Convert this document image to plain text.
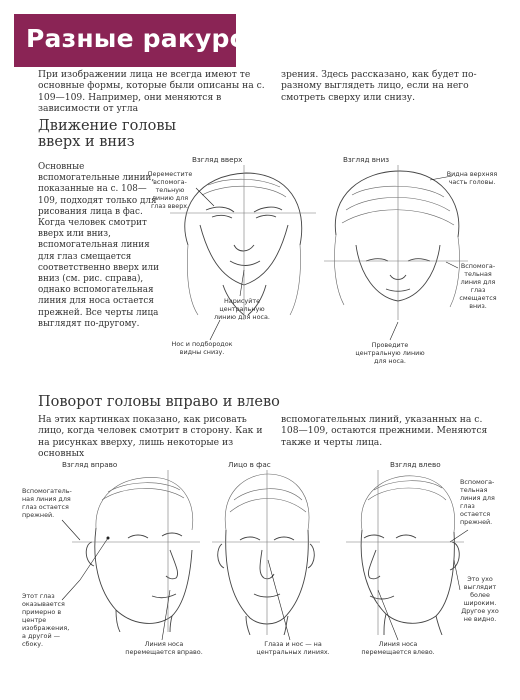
Разные ракурсы

При изображении лица не всегда имеют те основные формы, которые были описаны на с. 109—109. Например, они меняются в зависимости от угла

зрения. Здесь рассказано, как будет по-разному выглядеть лицо, если на него смотреть сверху или снизу.

Движение головы вверх и вниз

Основные вспомогательные линии, показанные на с. 108—109, подходят только для рисования лица в фас. Когда человек смотрит вверх или вниз, вспомогательная линия для глаз смещается соответственно вверх или вниз (см. рис. справа), однако вспомогательная линия для носа остается прежней. Все черты лица выглядят по-другому.

Взгляд вверх	Взгляд вниз

Переместите вспомога-тельную линию для глаз вверх.

Нарисуйте центральную линию для носа.

Нос и подбородок видны снизу.

Видна верхняя часть головы.

Вспомога-тельная линия для глаз смещается вниз.

Проведите центральную линию для носа.

Поворот головы вправо и влево

На этих картинках показано, как рисовать лицо, когда человек смотрит в сторону. Как и на рисунках вверху, лишь некоторые из основных

вспомогательных линий, указанных на с. 108—109, остаются прежними. Меняются также и черты лица.

Взгляд вправо	Лицо в фас	Взгляд влево

Вспомогатель-ная линия для глаз остается прежней.

Этот глаз оказывается примерно в центре изображения, а другой — сбоку.	Линия носа перемещается вправо.

Глаза и нос — на центральных линиях.

Линия носа перемещается влево.

Вспомога-тельная линия для глаз остается прежней.

Это ухо выглядит более широким. Другое ухо не видно.
